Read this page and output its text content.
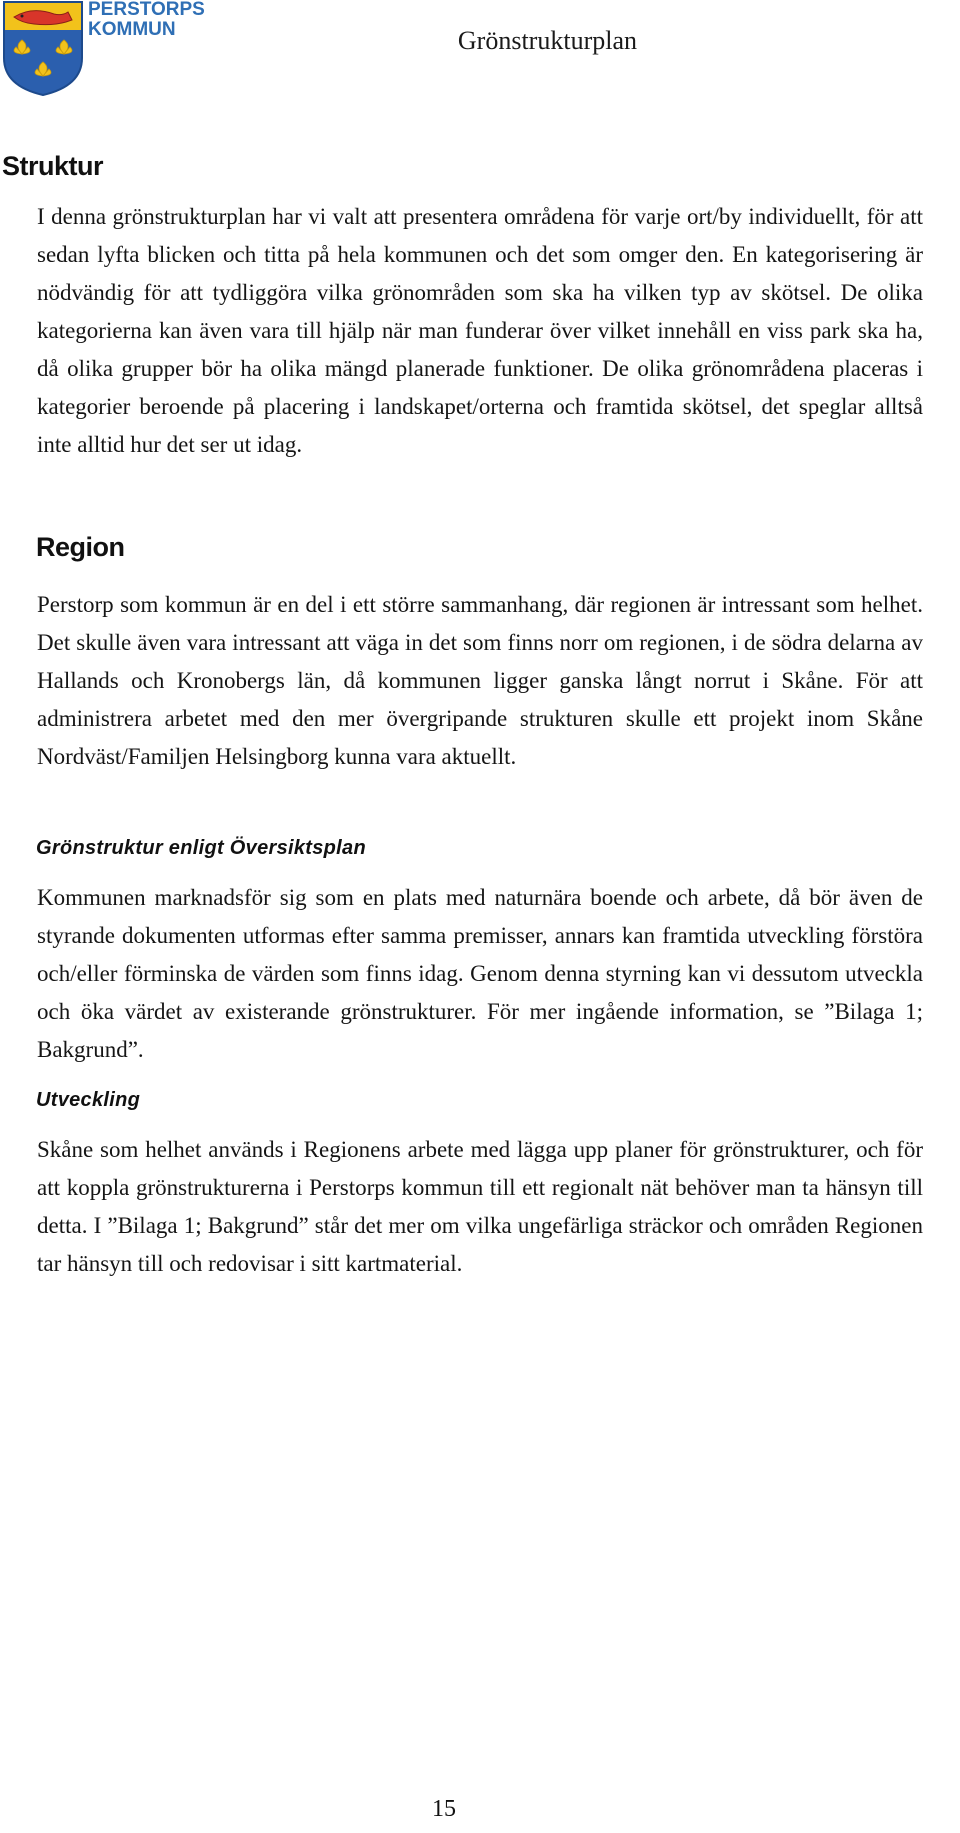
PERSTORPS
KOMMUN	Grönstrukturplan
Struktur

I denna grönstrukturplan har vi valt att presentera områdena för varje ort/by individuellt, för att sedan lyfta blicken och titta på hela kommunen och det som omger den. En kategorisering är nödvändig för att tydliggöra vilka grönområden som ska ha vilken typ av skötsel. De olika kategorierna kan även vara till hjälp när man funderar över vilket innehåll en viss park ska ha, då olika grupper bör ha olika mängd planerade funktioner. De olika grönområdena placeras i kategorier beroende på placering i landskapet/orterna och framtida skötsel, det speglar alltså inte alltid hur det ser ut idag.

Region

Perstorp som kommun är en del i ett större sammanhang, där regionen är intressant som helhet. Det skulle även vara intressant att väga in det som finns norr om regionen, i de södra delarna av Hallands och Kronobergs län, då kommunen ligger ganska långt norrut i Skåne. För att administrera arbetet med den mer övergripande strukturen skulle ett projekt inom Skåne Nordväst/Familjen Helsingborg kunna vara aktuellt.

Grönstruktur enligt Översiktsplan

Kommunen marknadsför sig som en plats med naturnära boende och arbete, då bör även de styrande dokumenten utformas efter samma premisser, annars kan framtida utveckling förstöra och/eller förminska de värden som finns idag. Genom denna styrning kan vi dessutom utveckla och öka värdet av existerande grönstrukturer. För mer ingående information, se ”Bilaga 1; Bakgrund”.

Utveckling

Skåne som helhet används i Regionens arbete med lägga upp planer för grönstrukturer, och för att koppla grönstrukturerna i Perstorps kommun till ett regionalt nät behöver man ta hänsyn till detta. I ”Bilaga 1; Bakgrund” står det mer om vilka ungefärliga sträckor och områden Regionen tar hänsyn till och redovisar i sitt kartmaterial.

15
